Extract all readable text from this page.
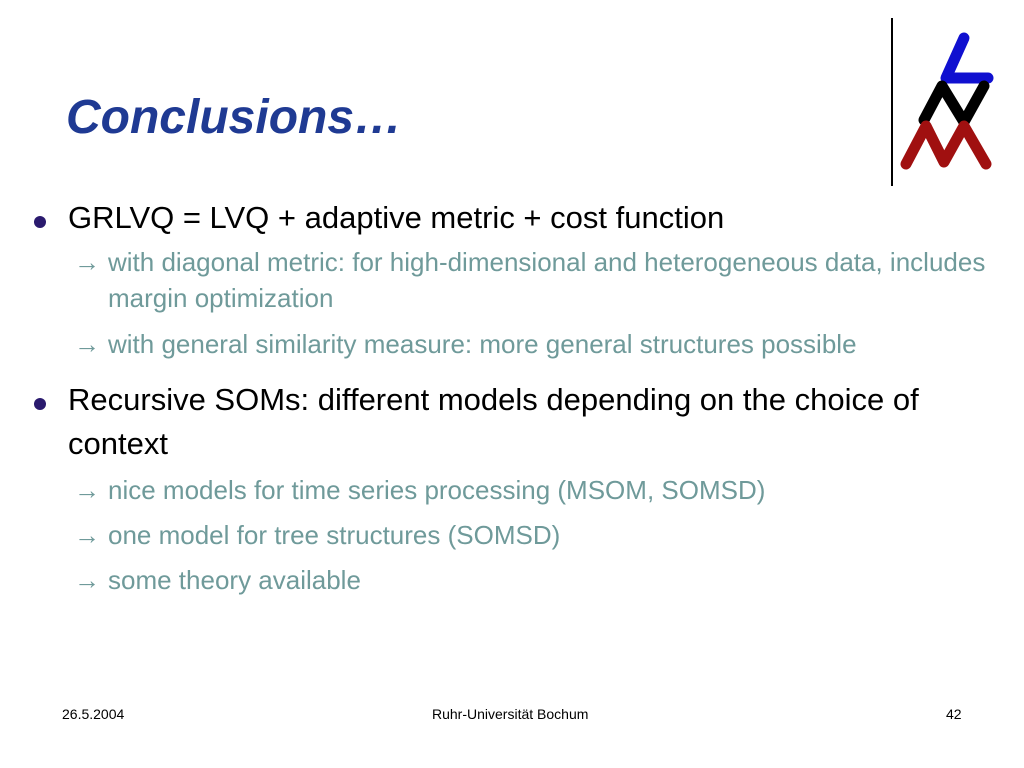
Conclusions…
GRLVQ = LVQ + adaptive metric + cost function
→ with diagonal metric: for high-dimensional and heterogeneous data, includes margin optimization
→ with general similarity measure: more general structures possible
Recursive SOMs: different models depending on the choice of context
→ nice models for time series processing (MSOM, SOMSD)
→ one model for tree structures (SOMSD)
→ some theory available
26.5.2004	Ruhr-Universität Bochum	42
